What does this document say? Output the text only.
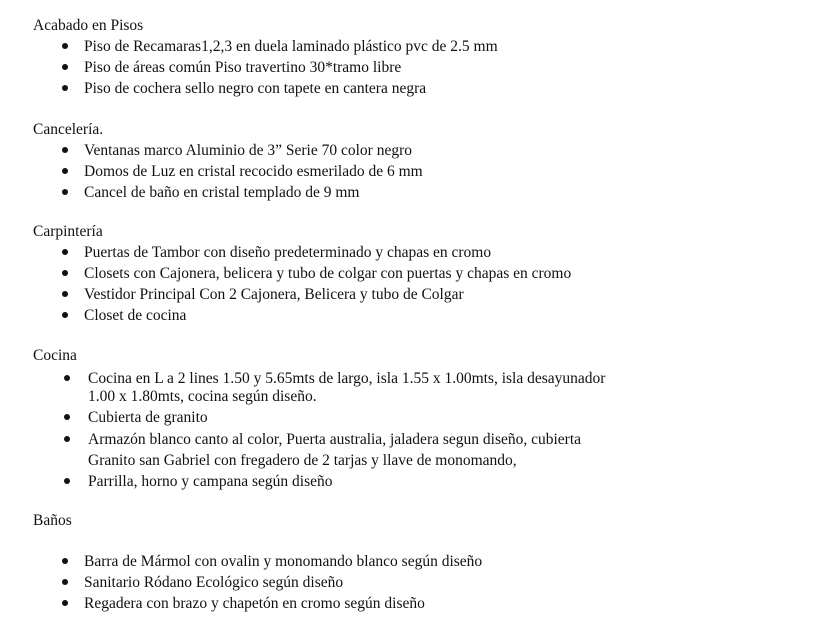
Acabado en Pisos
Piso de Recamaras1,2,3 en duela laminado plástico pvc de 2.5 mm
Piso de áreas común Piso travertino 30*tramo libre
Piso de cochera sello negro con tapete en cantera negra
Cancelería.
Ventanas marco Aluminio de 3” Serie 70 color negro
Domos de Luz en cristal recocido esmerilado de 6 mm
Cancel de baño en cristal templado de 9 mm
Carpintería
Puertas de Tambor con diseño predeterminado y chapas en cromo
Closets con Cajonera, belicera y tubo de colgar con puertas y chapas en cromo
Vestidor Principal Con 2 Cajonera, Belicera y tubo de Colgar
Closet de cocina
Cocina
Cocina en L a 2 lines 1.50 y 5.65mts de largo, isla 1.55 x 1.00mts, isla desayunador
1.00 x 1.80mts, cocina según diseño.
Cubierta de granito
Armazón blanco canto al color, Puerta australia, jaladera segun diseño, cubierta
Granito san Gabriel con fregadero de 2 tarjas y llave de monomando,
Parrilla, horno y campana según diseño
Baños
Barra de Mármol con ovalin y monomando blanco según diseño
Sanitario Ródano Ecológico según diseño
Regadera con brazo y chapetón en cromo según diseño
